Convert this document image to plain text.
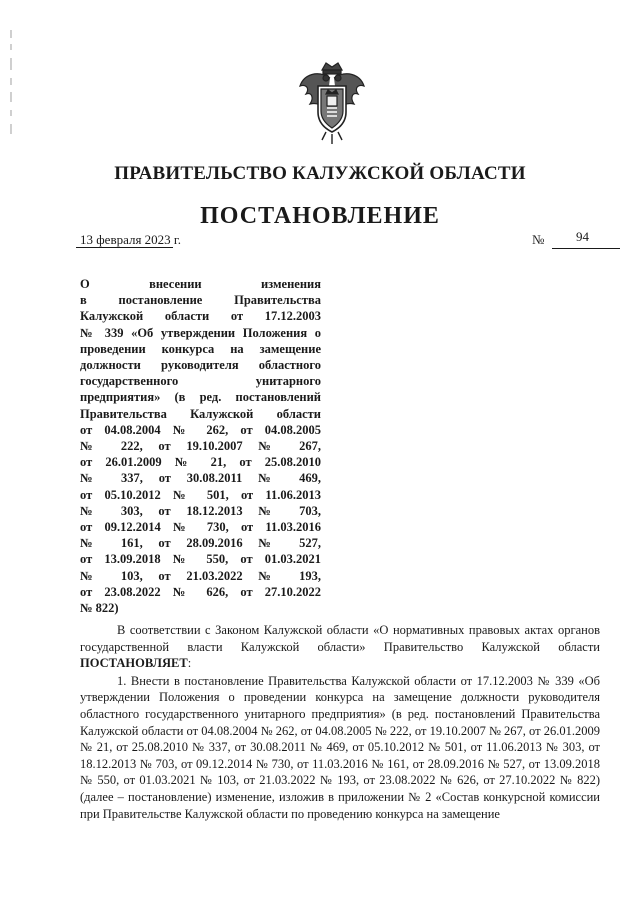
ПРАВИТЕЛЬСТВО КАЛУЖСКОЙ ОБЛАСТИ
ПОСТАНОВЛЕНИЕ
13 февраля 2023 г.	№ 94
О внесении изменения
в постановление Правительства
Калужской области от 17.12.2003
№ 339 «Об утверждении Положения о
проведении конкурса на замещение
должности руководителя областного
государственного унитарного
предприятия» (в ред. постановлений
Правительства Калужской области
от 04.08.2004 № 262, от 04.08.2005
№ 222, от 19.10.2007 № 267,
от 26.01.2009 № 21, от 25.08.2010
№ 337, от 30.08.2011 № 469,
от 05.10.2012 № 501, от 11.06.2013
№ 303, от 18.12.2013 № 703,
от 09.12.2014 № 730, от 11.03.2016
№ 161, от 28.09.2016 № 527,
от 13.09.2018 № 550, от 01.03.2021
№ 103, от 21.03.2022 № 193,
от 23.08.2022 № 626, от 27.10.2022
№ 822)

В соответствии с Законом Калужской области «О нормативных правовых актах органов государственной власти Калужской области» Правительство Калужской области ПОСТАНОВЛЯЕТ:

1. Внести в постановление Правительства Калужской области от 17.12.2003 № 339 «Об утверждении Положения о проведении конкурса на замещение должности руководителя областного государственного унитарного предприятия» (в ред. постановлений Правительства Калужской области от 04.08.2004 № 262, от 04.08.2005 № 222, от 19.10.2007 № 267, от 26.01.2009 № 21, от 25.08.2010 № 337, от 30.08.2011 № 469, от 05.10.2012 № 501, от 11.06.2013 № 303, от 18.12.2013 № 703, от 09.12.2014 № 730, от 11.03.2016 № 161, от 28.09.2016 № 527, от 13.09.2018 № 550, от 01.03.2021 № 103, от 21.03.2022 № 193, от 23.08.2022 № 626, от 27.10.2022 № 822) (далее – постановление) изменение, изложив в приложении № 2 «Состав конкурсной комиссии при Правительстве Калужской области по проведению конкурса на замещение
